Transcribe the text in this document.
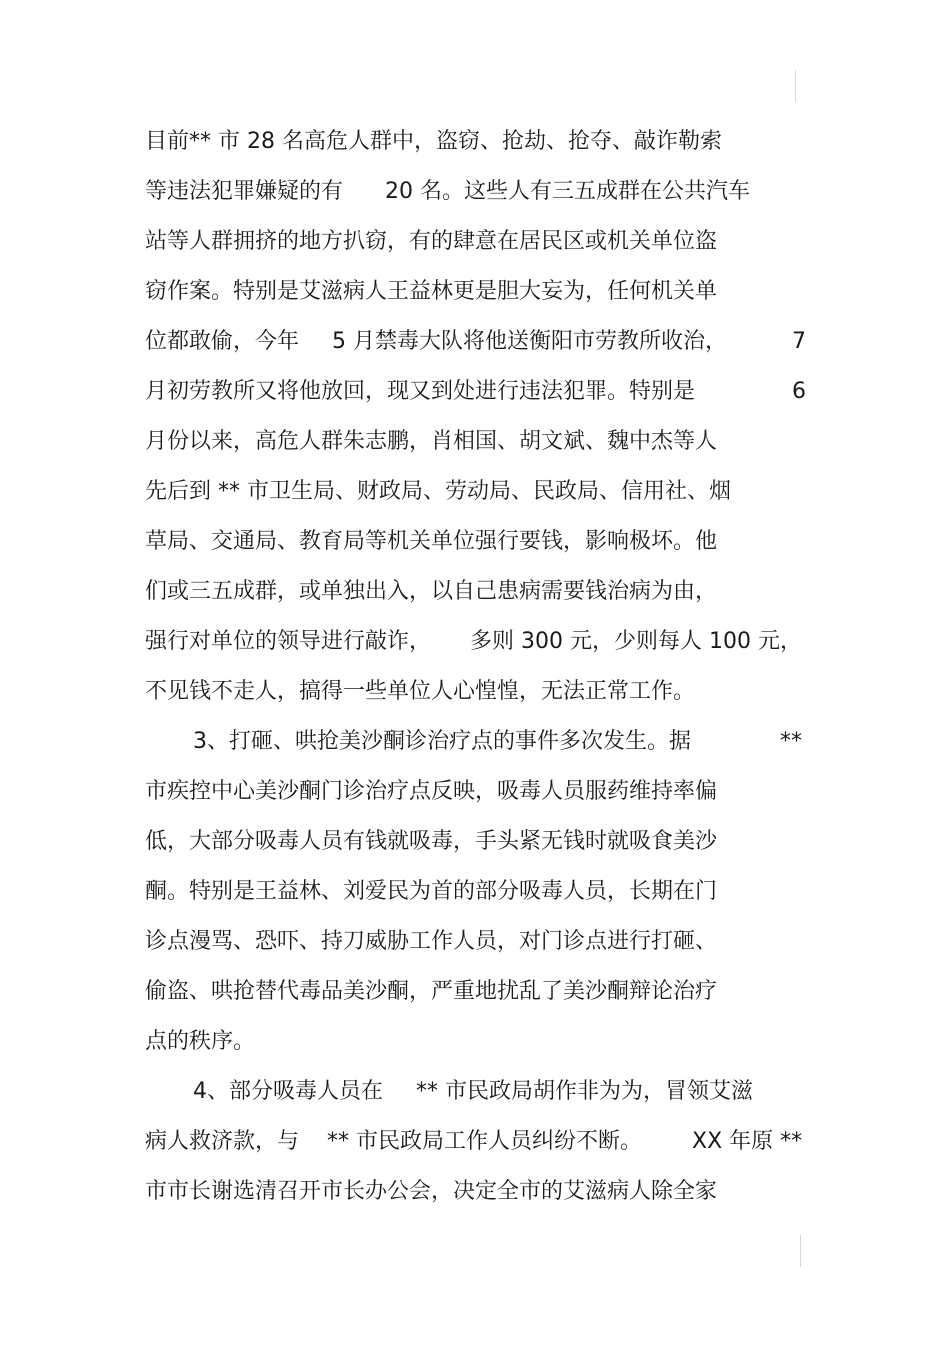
目前** 市 28 名高危人群中，盗窃、抢劫、抢夺、敲诈勒索
等违法犯罪嫌疑的有 20 名。这些人有三五成群在公共汽车
站等人群拥挤的地方扒窃，有的肆意在居民区或机关单位盗
窃作案。特别是艾滋病人王益林更是胆大妄为，任何机关单
位都敢偷，今年 5 月禁毒大队将他送衡阳市劳教所收治，	7
月初劳教所又将他放回，现又到处进行违法犯罪。特别是	6
月份以来，高危人群朱志鹏，肖相国、胡文斌、魏中杰等人
先后到 ** 市卫生局、财政局、劳动局、民政局、信用社、烟
草局、交通局、教育局等机关单位强行要钱，影响极坏。他
们或三五成群，或单独出入，以自己患病需要钱治病为由，
强行对单位的领导进行敲诈， 多则 300 元，少则每人 100 元，
不见钱不走人，搞得一些单位人心惶惶，无法正常工作。
3、打砸、哄抢美沙酮诊治疗点的事件多次发生。据	**
市疾控中心美沙酮门诊治疗点反映，吸毒人员服药维持率偏
低，大部分吸毒人员有钱就吸毒，手头紧无钱时就吸食美沙
酮。特别是王益林、刘爱民为首的部分吸毒人员，长期在门
诊点漫骂、恐吓、持刀威胁工作人员，对门诊点进行打砸、
偷盗、哄抢替代毒品美沙酮，严重地扰乱了美沙酮辩论治疗
点的秩序。
4、部分吸毒人员在 ** 市民政局胡作非为为，冒领艾滋
病人救济款，与 ** 市民政局工作人员纠纷不断。 XX 年原 **
市市长谢选清召开市长办公会，决定全市的艾滋病人除全家
